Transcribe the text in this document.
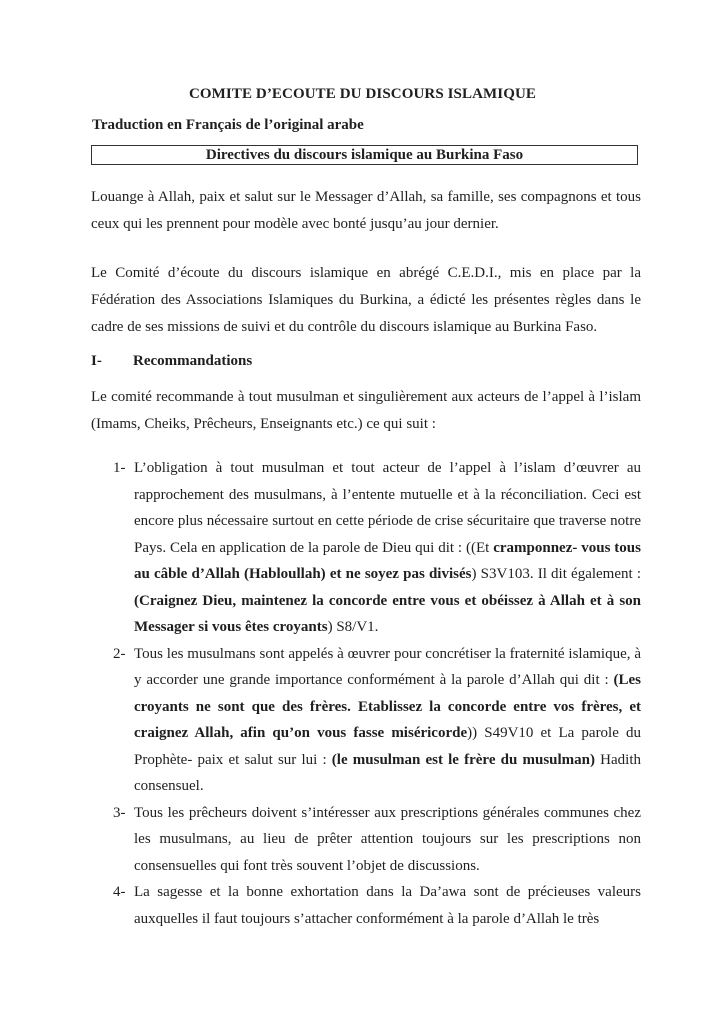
COMITE D’ECOUTE DU DISCOURS ISLAMIQUE
Traduction en Français de l’original arabe
Directives du discours islamique au Burkina Faso

Louange à Allah, paix et salut sur le Messager d’Allah, sa famille, ses compagnons et tous ceux qui les prennent pour modèle avec bonté jusqu’au jour dernier.

Le Comité d’écoute du discours islamique en abrégé C.E.D.I., mis en place par la Fédération des Associations Islamiques du Burkina, a édicté les présentes règles dans le cadre de ses missions de suivi et du contrôle du discours islamique au Burkina Faso.

I- Recommandations

Le comité recommande à tout musulman et singulièrement aux acteurs de l’appel à l’islam (Imams, Cheiks, Prêcheurs, Enseignants etc.) ce qui suit :

1- L’obligation à tout musulman et tout acteur de l’appel à l’islam d’œuvrer au rapprochement des musulmans, à l’entente mutuelle et à la réconciliation. Ceci est encore plus nécessaire surtout en cette période de crise sécuritaire que traverse notre Pays. Cela en application de la parole de Dieu qui dit : ((Et cramponnez- vous tous au câble d’Allah (Habloullah) et ne soyez pas divisés) S3V103. Il dit également : (Craignez Dieu, maintenez la concorde entre vous et obéissez à Allah et à son Messager si vous êtes croyants) S8/V1.
2- Tous les musulmans sont appelés à œuvrer pour concrétiser la fraternité islamique, à y accorder une grande importance conformément à la parole d’Allah qui dit : (Les croyants ne sont que des frères. Etablissez la concorde entre vos frères, et craignez Allah, afin qu’on vous fasse miséricorde)) S49V10 et La parole du Prophète- paix et salut sur lui : (le musulman est le frère du musulman) Hadith consensuel.
3- Tous les prêcheurs doivent s’intéresser aux prescriptions générales communes chez les musulmans, au lieu de prêter attention toujours sur les prescriptions non consensuelles qui font très souvent l’objet de discussions.
4- La sagesse et la bonne exhortation dans la Da’awa sont de précieuses valeurs auxquelles il faut toujours s’attacher conformément à la parole d’Allah le très
